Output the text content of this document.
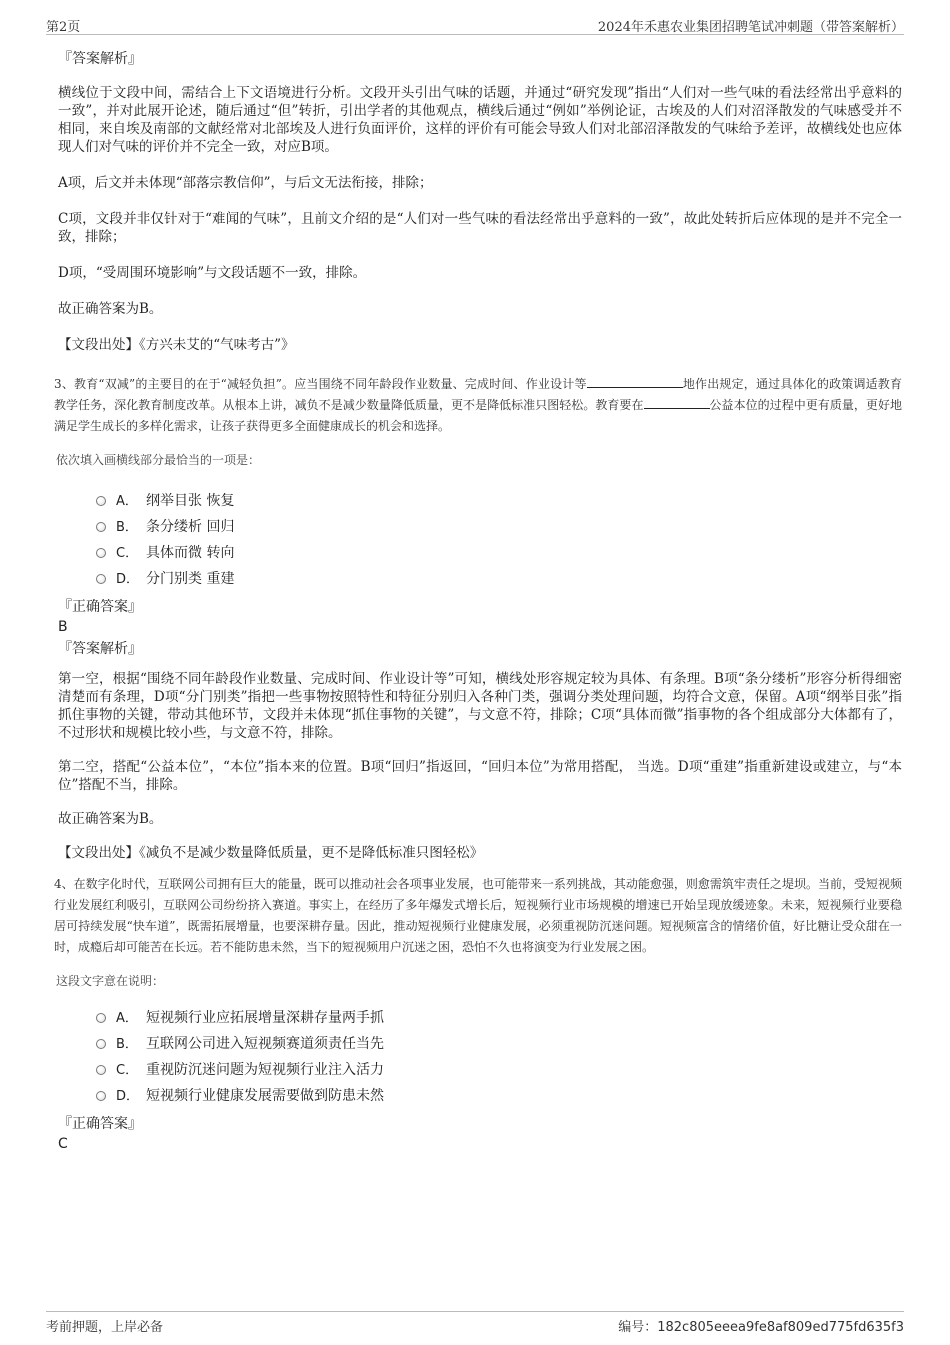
第2页	2024年禾惠农业集团招聘笔试冲刺题（带答案解析）
『答案解析』

横线位于文段中间，需结合上下文语境进行分析。文段开头引出气味的话题，并通过“研究发现”指出“人们对一些气味的看法经常出乎意料的一致”，并对此展开论述，随后通过“但”转折，引出学者的其他观点，横线后通过“例如”举例论证，古埃及的人们对沼泽散发的气味感受并不相同，来自埃及南部的文献经常对北部埃及人进行负面评价，这样的评价有可能会导致人们对北部沼泽散发的气味给予差评，故横线处也应体现人们对气味的评价并不完全一致，对应B项。

A项，后文并未体现“部落宗教信仰”，与后文无法衔接，排除；

C项，文段并非仅针对于“难闻的气味”，且前文介绍的是“人们对一些气味的看法经常出乎意料的一致”，故此处转折后应体现的是并不完全一致，排除；

D项，“受周围环境影响”与文段话题不一致，排除。

故正确答案为B。

【文段出处】《方兴未艾的“气味考古”》

3、教育“双减”的主要目的在于“减轻负担”。应当围绕不同年龄段作业数量、完成时间、作业设计等	地作出规定，通过具体化的政策调适教育教学任务，深化教育制度改革。从根本上讲，减负不是减少数量降低质量，更不是降低标准只图轻松。教育要在	公益本位的过程中更有质量，更好地满足学生成长的多样化需求，让孩子获得更多全面健康成长的机会和选择。

依次填入画横线部分最恰当的一项是：
A． 纲举目张 恢复
B． 条分缕析 回归
C． 具体而微 转向
D． 分门别类 重建
『正确答案』
B
『答案解析』

第一空，根据“围绕不同年龄段作业数量、完成时间、作业设计等”可知，横线处形容规定较为具体、有条理。B项“条分缕析”形容分析得细密清楚而有条理，D项“分门别类”指把一些事物按照特性和特征分别归入各种门类，强调分类处理问题，均符合文意，保留。A项“纲举目张”指抓住事物的关键，带动其他环节，文段并未体现“抓住事物的关键”，与文意不符，排除；C项“具体而微”指事物的各个组成部分大体都有了，不过形状和规模比较小些，与文意不符，排除。

第二空，搭配“公益本位”，“本位”指本来的位置。B项“回归”指返回，“回归本位”为常用搭配， 当选。D项“重建”指重新建设或建立，与“本位”搭配不当，排除。

故正确答案为B。

【文段出处】《减负不是减少数量降低质量，更不是降低标准只图轻松》

4、在数字化时代，互联网公司拥有巨大的能量，既可以推动社会各项事业发展，也可能带来一系列挑战，其动能愈强，则愈需筑牢责任之堤坝。当前，受短视频行业发展红利吸引，互联网公司纷纷挤入赛道。事实上，在经历了多年爆发式增长后，短视频行业市场规模的增速已开始呈现放缓迹象。未来，短视频行业要稳居可持续发展“快车道”，既需拓展增量，也要深耕存量。因此，推动短视频行业健康发展，必须重视防沉迷问题。短视频富含的情绪价值，好比糖让受众甜在一时，成瘾后却可能苦在长远。若不能防患未然，当下的短视频用户沉迷之困，恐怕不久也将演变为行业发展之困。

这段文字意在说明：
A． 短视频行业应拓展增量深耕存量两手抓
B． 互联网公司进入短视频赛道须责任当先
C． 重视防沉迷问题为短视频行业注入活力
D． 短视频行业健康发展需要做到防患未然
『正确答案』
C
考前押题，上岸必备	编号：182c805eeea9fe8af809ed775fd635f3
